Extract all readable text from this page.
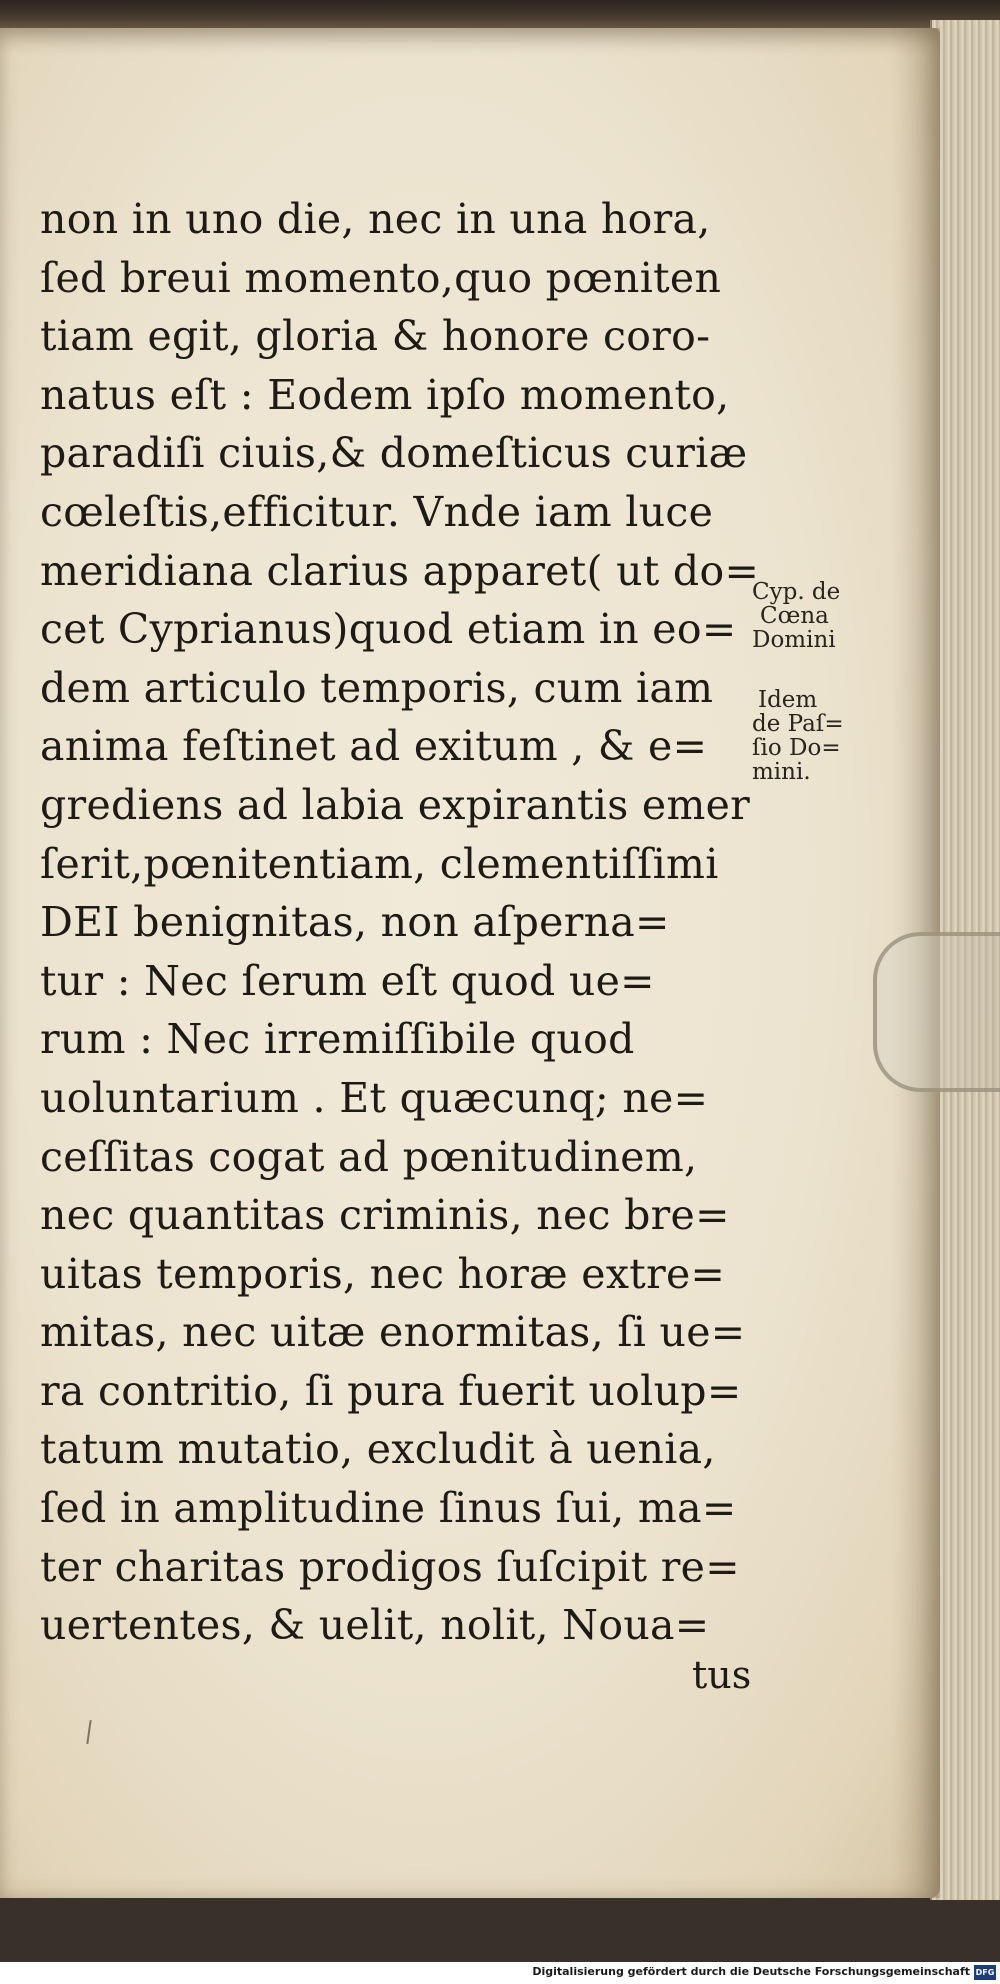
non in uno die, nec in una hora,
ſed breui momento,quo pœniten
tiam egit, gloria & honore coro-
natus eſt : Eodem ipſo momento,
paradiſi ciuis,& domeſticus curiæ
cœleſtis,efficitur. Vnde iam luce
meridiana clarius apparet( ut do=
cet Cyprianus)quod etiam in eo=
dem articulo temporis, cum iam
anima feſtinet ad exitum , & e=
grediens ad labia expirantis emer
ſerit,pœnitentiam, clementiſſimi
DEI benignitas, non aſperna=
tur : Nec ſerum eſt quod ue=
rum : Nec irremiſſibile quod
uoluntarium . Et quæcunq; ne=
ceſſitas cogat ad pœnitudinem,
nec quantitas criminis, nec bre=
uitas temporis, nec horæ extre=
mitas, nec uitæ enormitas, ſi ue=
ra contritio, ſi pura fuerit uolup=
tatum mutatio, excludit à uenia,
ſed in amplitudine ſinus ſui, ma=
ter charitas prodigos ſuſcipit re=
uertentes, & uelit, nolit, Noua=
tus
Cyp. de
Cœna
Domini
Idem
de Paſ=
ſio Do=
mini.
Digitalisierung gefördert durch die Deutsche Forschungsgemeinschaft DFG
